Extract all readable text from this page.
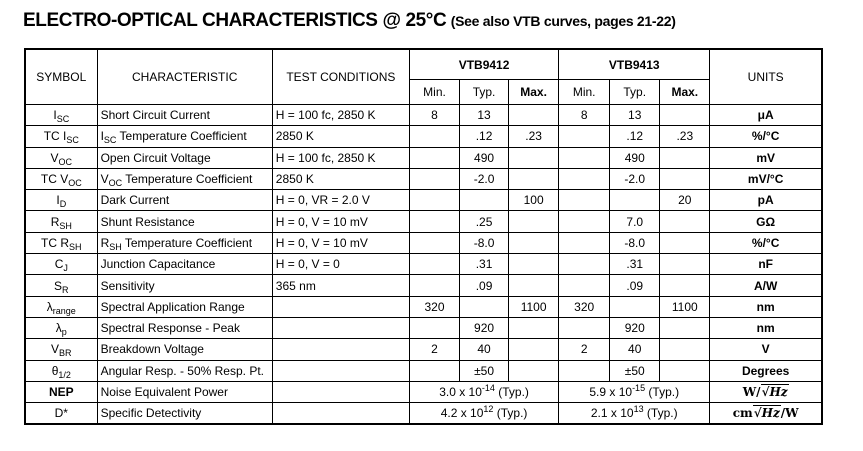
ELECTRO-OPTICAL CHARACTERISTICS @ 25°C (See also VTB curves, pages 21-22)
SYMBOL	CHARACTERISTIC	TEST CONDITIONS	VTB9412			VTB9413			UNITS
			Min.	Typ.	Max.	Min.	Typ.	Max.	
$I_{SC}$	Short Circuit Current	H = 100 fc, 2850 K	8	13		8	13		μA
TC $I_{SC}$	$I_{SC}$ Temperature Coefficient	2850 K		.12	.23		.12	.23	%/°C
$V_{OC}$	Open Circuit Voltage	H = 100 fc, 2850 K		490			490		mV
TC $V_{OC}$	$V_{OC}$ Temperature Coefficient	2850 K		-2.0			-2.0		mV/°C
$I_D$	Dark Current	H = 0, VR = 2.0 V			100			20	pA
$R_{SH}$	Shunt Resistance	H = 0, V = 10 mV		.25			7.0		GΩ
TC $R_{SH}$	$R_{SH}$ Temperature Coefficient	H = 0, V = 10 mV		-8.0			-8.0		%/°C
$C_J$	Junction Capacitance	H = 0, V = 0		.31			.31		nF
$S_R$	Sensitivity	365 nm		.09			.09		A/W
$\lambda_{range}$	Spectral Application Range		320		1100	320		1100	nm
$\lambda_p$	Spectral Response - Peak			920			920		nm
$V_{BR}$	Breakdown Voltage		2	40		2	40		V
$\theta_{1/2}$	Angular Resp. - 50% Resp. Pt.			±50			±50		Degrees
NEP	Noise Equivalent Power		3.0 x $10^{-14}$ (Typ.)			5.9 x $10^{-15}$ (Typ.)			W/√Hz
D*	Specific Detectivity		4.2 x $10^{12}$ (Typ.)			2.1 x $10^{13}$ (Typ.)			cm√Hz/W
